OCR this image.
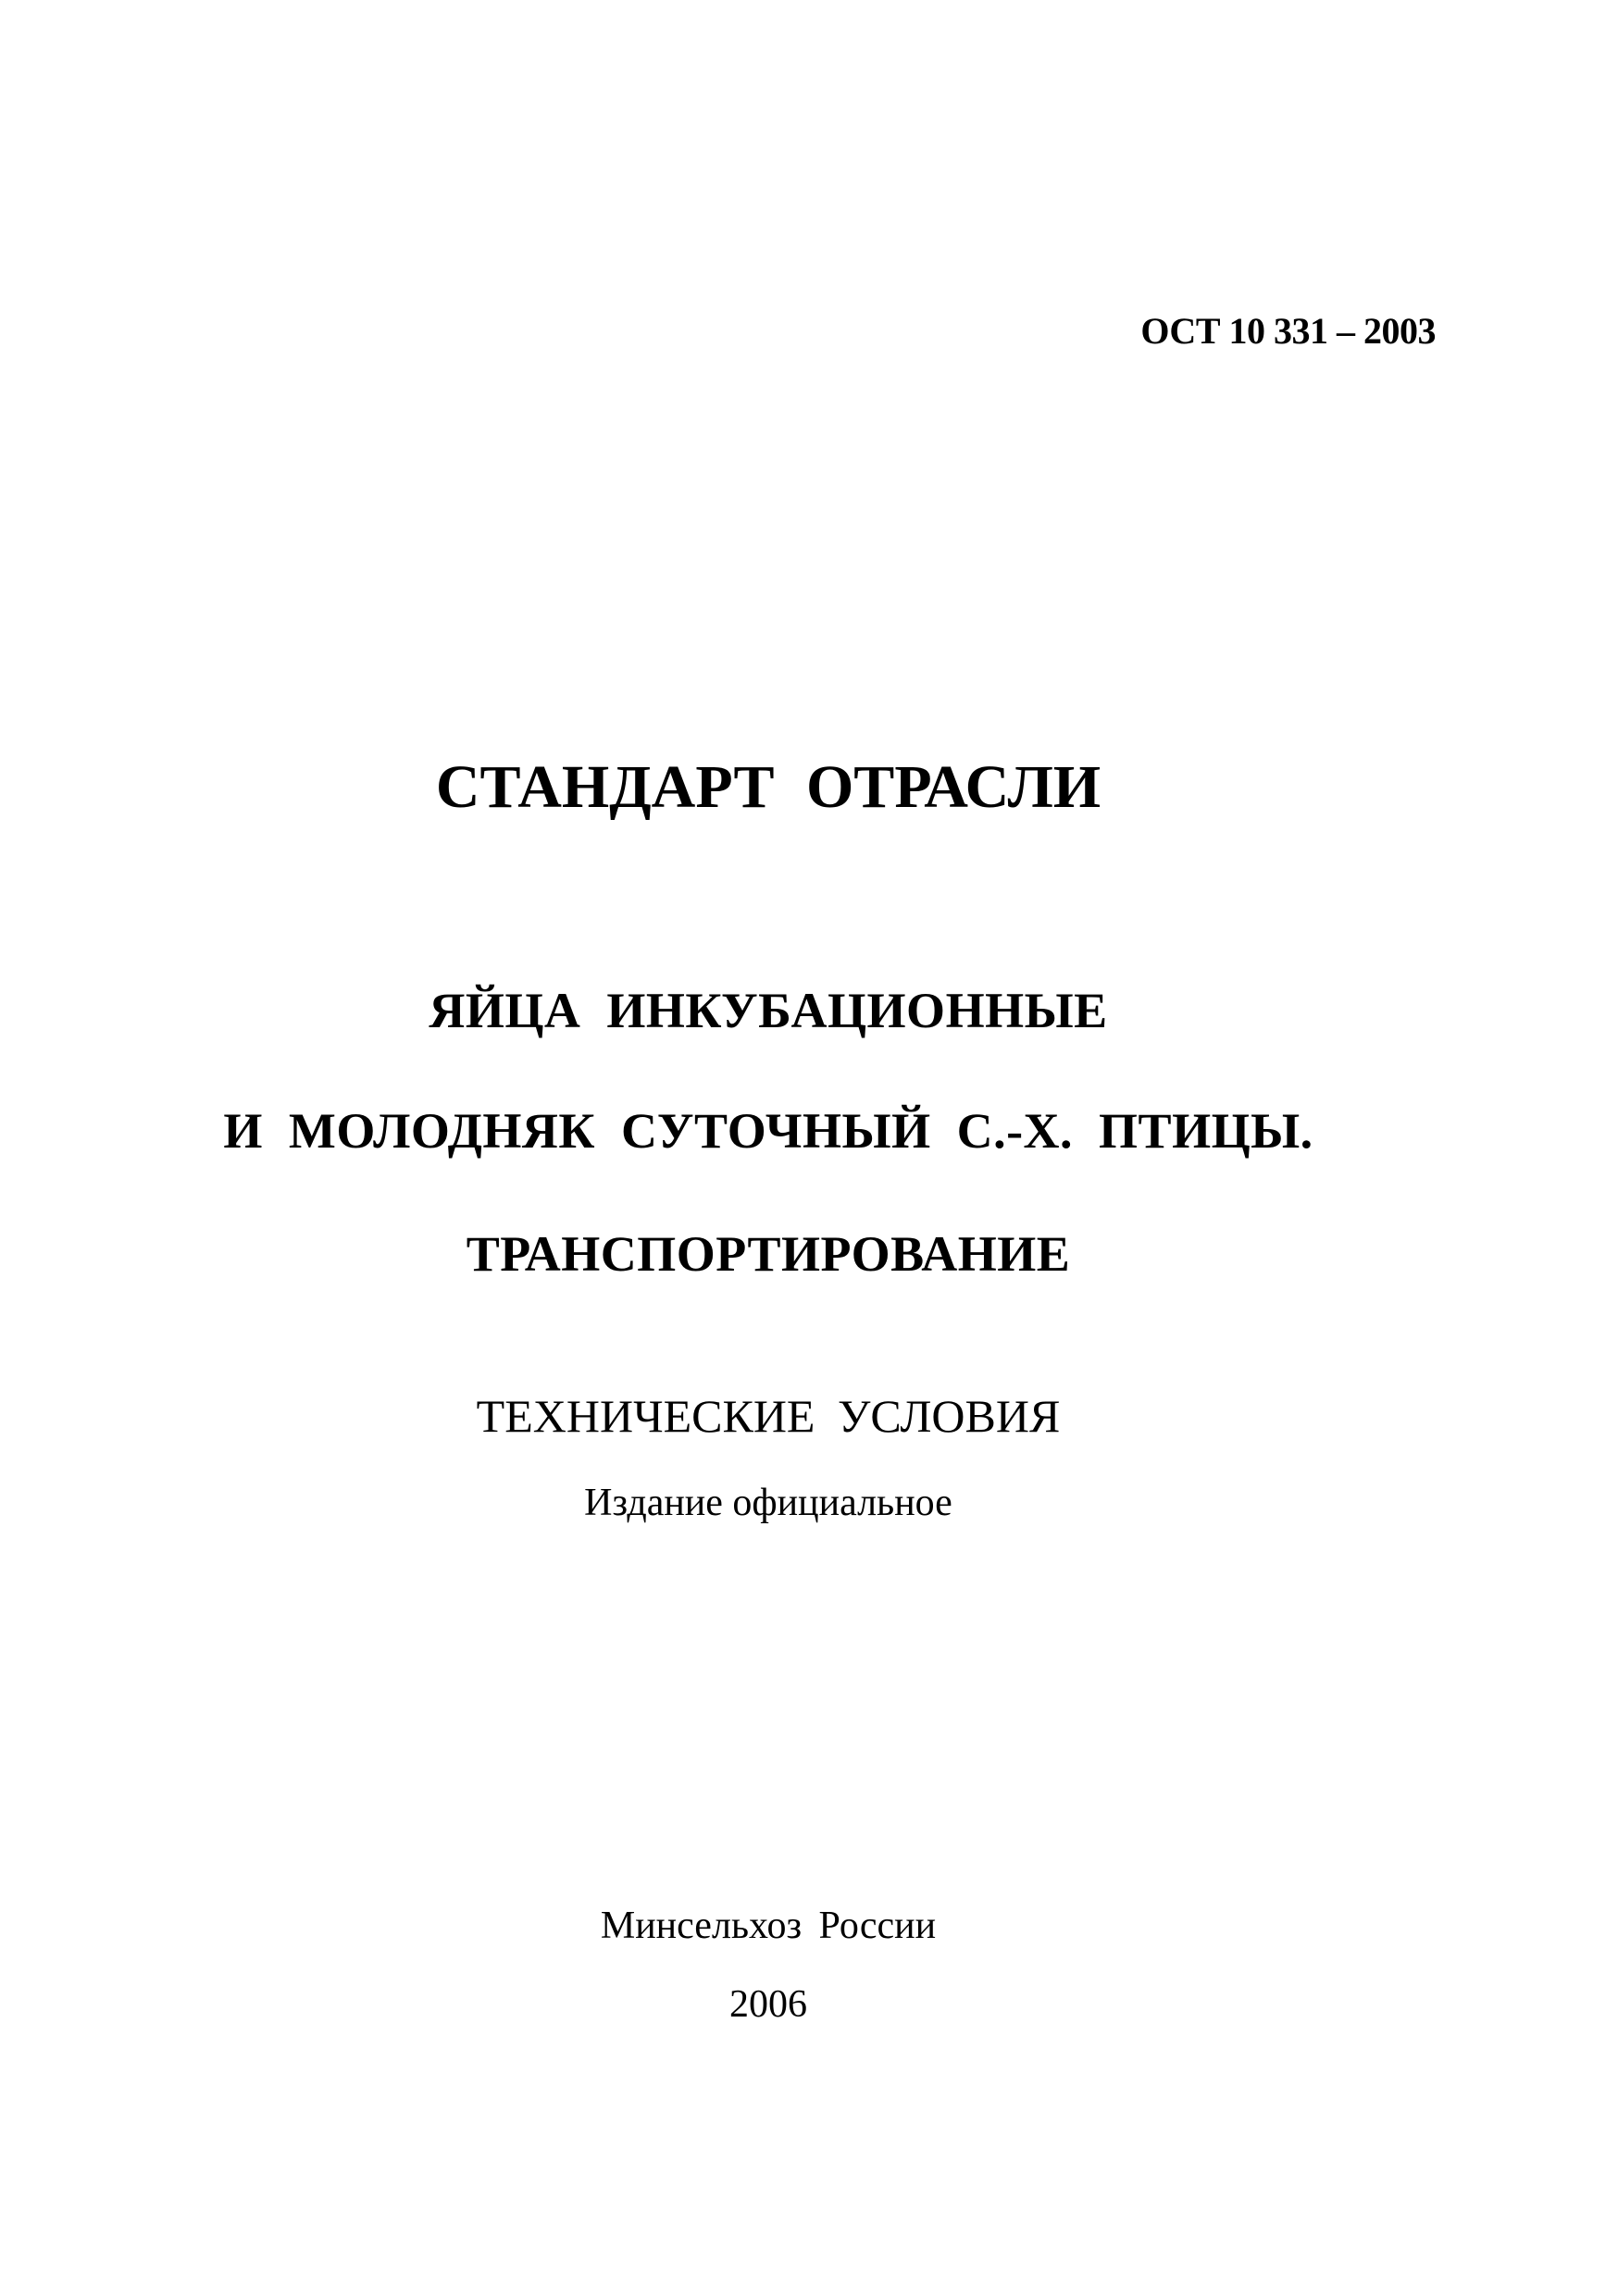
ОСТ 10 331 – 2003
СТАНДАРТ ОТРАСЛИ
ЯЙЦА ИНКУБАЦИОННЫЕ
И МОЛОДНЯК СУТОЧНЫЙ С.-Х. ПТИЦЫ.
ТРАНСПОРТИРОВАНИЕ
ТЕХНИЧЕСКИЕ УСЛОВИЯ
Издание официальное
Минсельхоз России
2006
